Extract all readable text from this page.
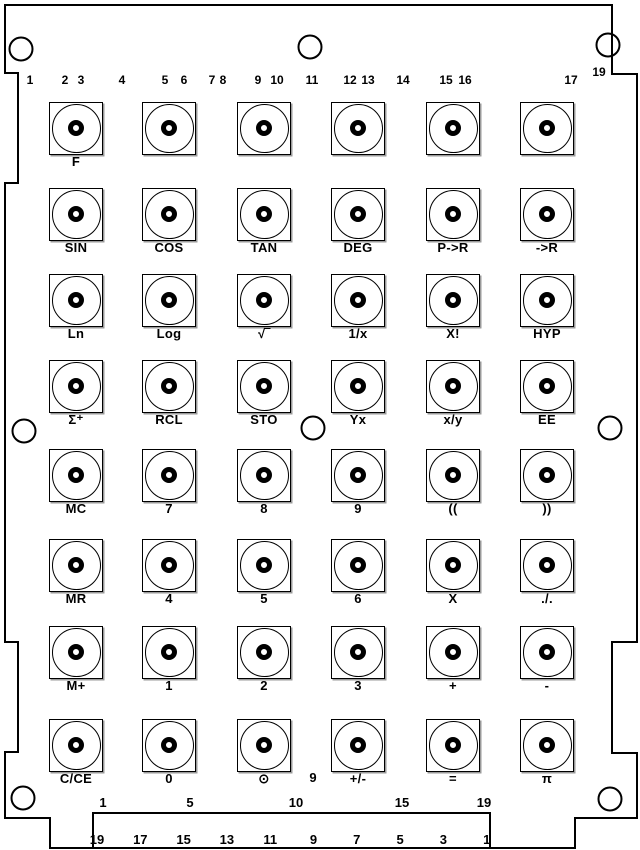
1	2 3	4	5	6	7 8	9 10	11	12 13	14	15 16	17
19
F
SIN	COS	TAN	DEG	P->R	->R
Ln	Log	√‾	1/x	X!	HYP
Σ⁺	RCL	STO	Yx	x/y	EE
MC	7	8	9	((	))
MR	4	5	6	X	./.
M+	1	2	3	+	-
C/CE	0	⊙	+/-	=	π
9
1	5	10	15	19
19	17	15	13	11	9	7	5	3	1
